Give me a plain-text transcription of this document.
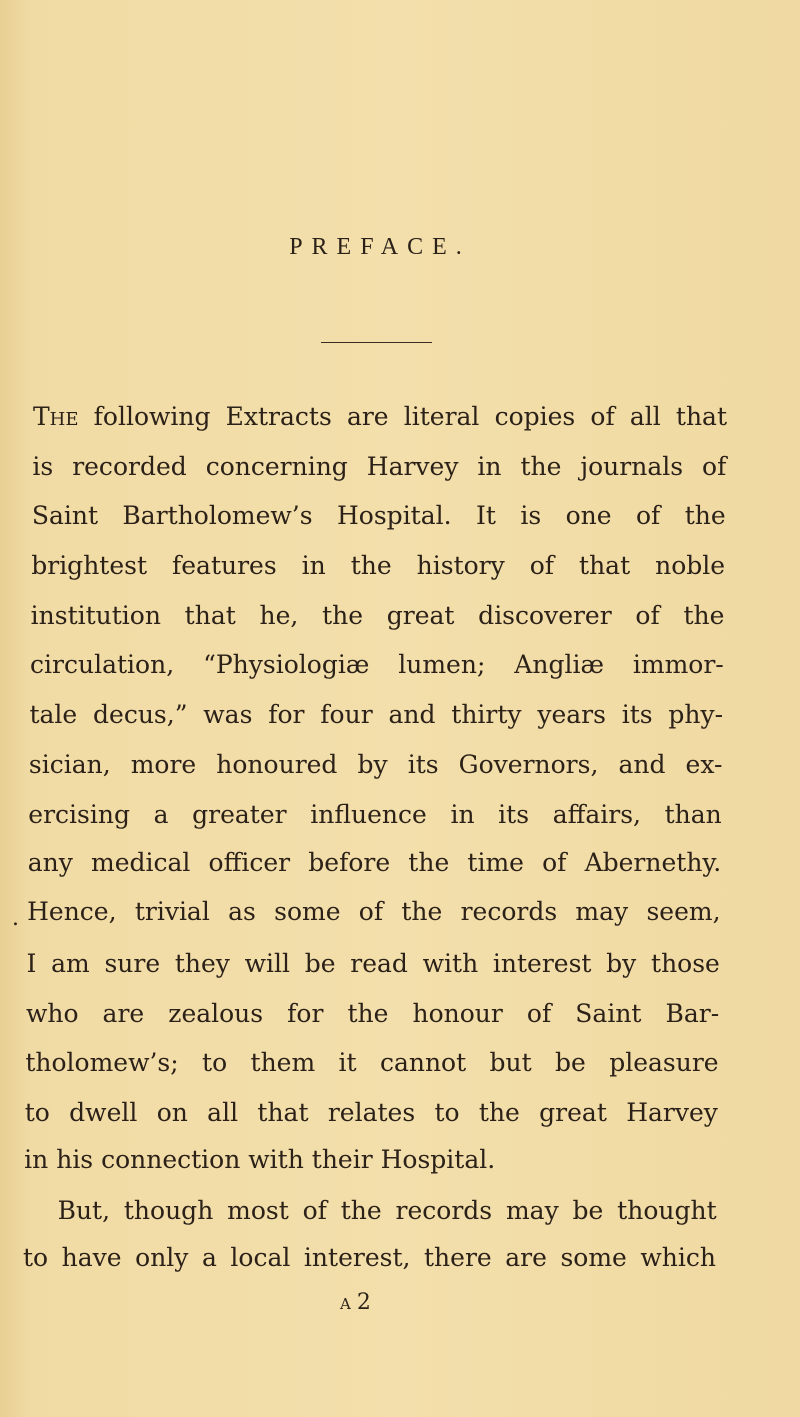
PREFACE.
The following Extracts are literal copies of all that
is recorded concerning Harvey in the journals of
Saint Bartholomew’s Hospital. It is one of the
brightest features in the history of that noble
institution that he, the great discoverer of the
circulation, “Physiologiæ lumen; Angliæ immor-
tale decus,” was for four and thirty years its phy-
sician, more honoured by its Governors, and ex-
ercising a greater influence in its affairs, than
any medical officer before the time of Abernethy.
Hence, trivial as some of the records may seem,
I am sure they will be read with interest by those
who are zealous for the honour of Saint Bar-
tholomew’s; to them it cannot but be pleasure
to dwell on all that relates to the great Harvey
in his connection with their Hospital.
But, though most of the records may be thought
to have only a local interest, there are some which
.
A2
